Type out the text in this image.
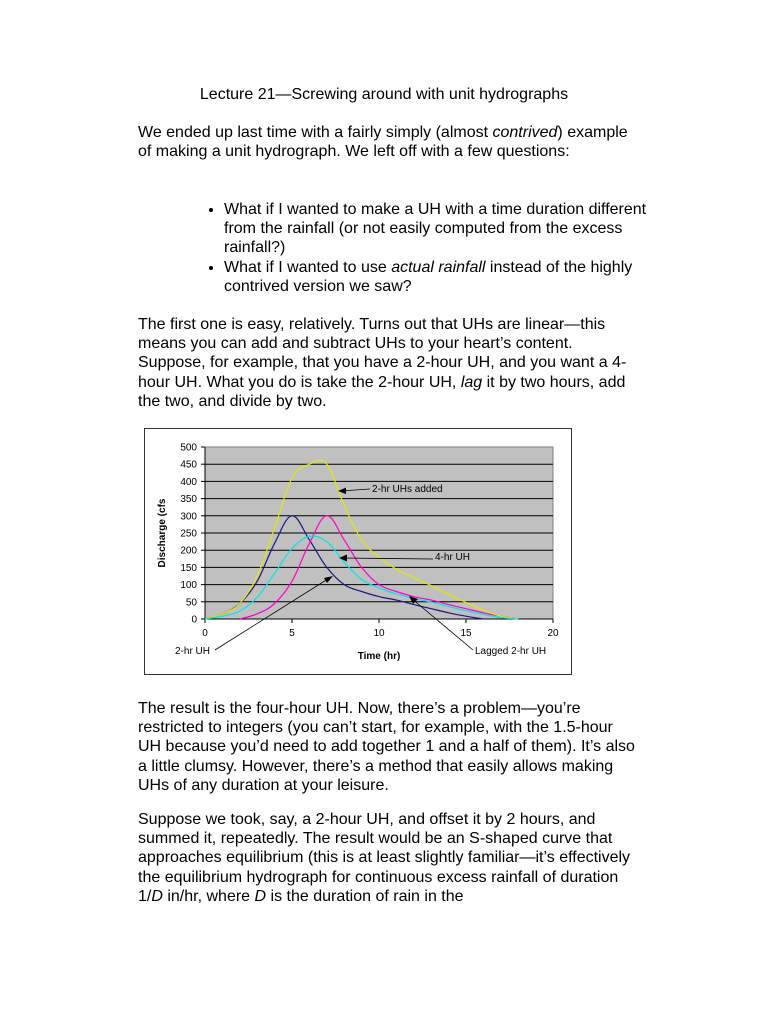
Lecture 21—Screwing around with unit hydrographs

We ended up last time with a fairly simply (almost contrived) example of making a unit hydrograph. We left off with a few questions:

• What if I wanted to make a UH with a time duration different from the rainfall (or not easily computed from the excess rainfall?)
• What if I wanted to use actual rainfall instead of the highly contrived version we saw?

The first one is easy, relatively. Turns out that UHs are linear—this means you can add and subtract UHs to your heart’s content. Suppose, for example, that you have a 2-hour UH, and you want a 4-hour UH. What you do is take the 2-hour UH, lag it by two hours, add the two, and divide by two.

0
50
100
150
200
250
300
350
400
450
500
0	5	10	15	20
Discharge (cfs
Time (hr)
2-hr UHs added
4-hr UH
2-hr UH	Lagged 2-hr UH

The result is the four-hour UH. Now, there’s a problem—you’re restricted to integers (you can’t start, for example, with the 1.5-hour UH because you’d need to add together 1 and a half of them). It’s also a little clumsy. However, there’s a method that easily allows making UHs of any duration at your leisure.

Suppose we took, say, a 2-hour UH, and offset it by 2 hours, and summed it, repeatedly. The result would be an S-shaped curve that approaches equilibrium (this is at least slightly familiar—it’s effectively the equilibrium hydrograph for continuous excess rainfall of duration 1/D in/hr, where D is the duration of rain in the
